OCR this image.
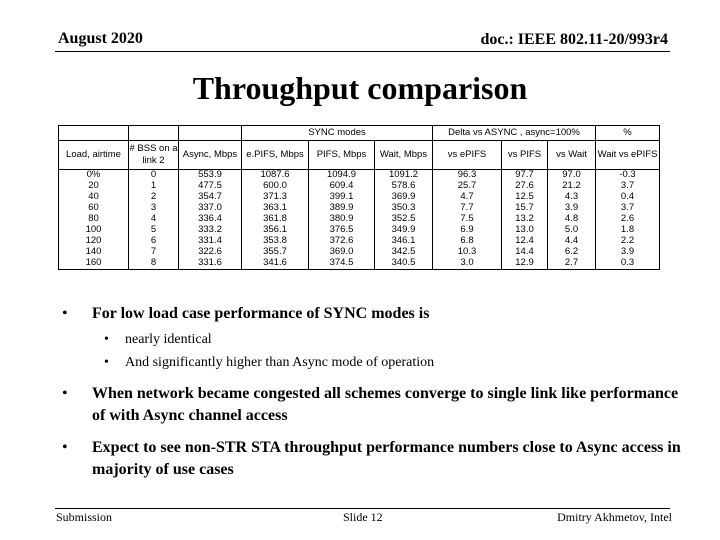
August 2020	doc.: IEEE 802.11-20/993r4
Throughput comparison
			SYNC modes			Delta vs ASYNC , async=100%			%
Load, airtime	# BSS on a link 2	Async, Mbps	e.PIFS, Mbps	PIFS, Mbps	Wait, Mbps	vs ePIFS	vs PIFS	vs Wait	Wait vs ePIFS
0%	0	553.9	1087.6	1094.9	1091.2	96.3	97.7	97.0	-0.3
20	1	477.5	600.0	609.4	578.6	25.7	27.6	21.2	3.7
40	2	354.7	371.3	399.1	369.9	4.7	12.5	4.3	0.4
60	3	337.0	363.1	389.9	350.3	7.7	15.7	3.9	3.7
80	4	336.4	361.8	380.9	352.5	7.5	13.2	4.8	2.6
100	5	333.2	356.1	376.5	349.9	6.9	13.0	5.0	1.8
120	6	331.4	353.8	372.6	346.1	6.8	12.4	4.4	2.2
140	7	322.6	355.7	369.0	342.5	10.3	14.4	6.2	3.9
160	8	331.6	341.6	374.5	340.5	3.0	12.9	2.7	0.3
• For low load case performance of SYNC modes is
• nearly identical
• And significantly higher than Async mode of operation
• When network became congested all schemes converge to single link like performance of with Async channel access
• Expect to see non-STR STA throughput performance numbers close to Async access in majority of use cases
Submission	Slide 12	Dmitry Akhmetov, Intel
